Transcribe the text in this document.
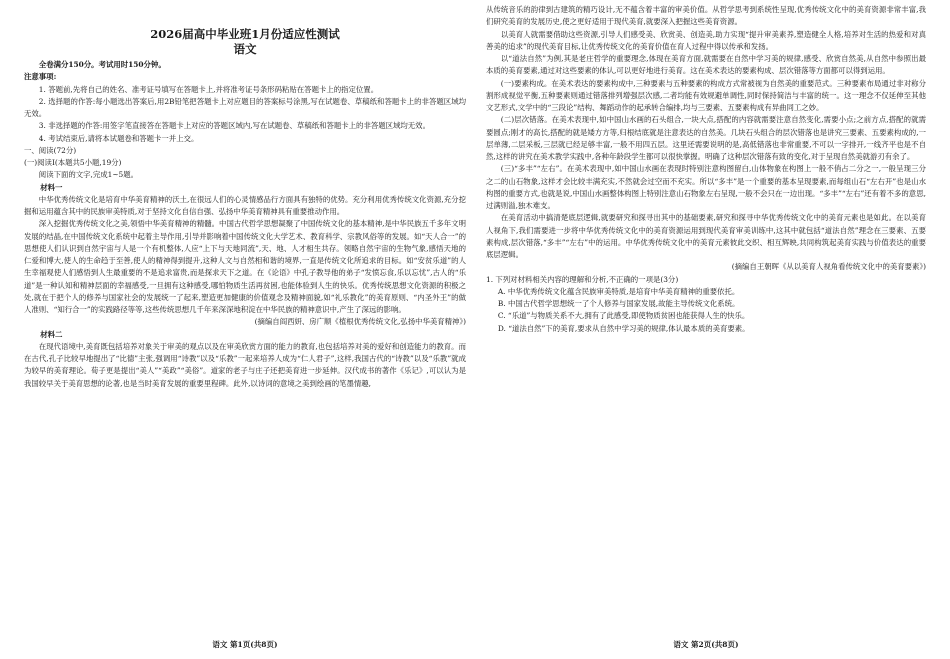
2026届高中毕业班1月份适应性测试
语文

全卷满分150分。考试用时150分钟。

注意事项:

1. 答题前,先将自己的姓名、准考证号填写在答题卡上,并将准考证号条形码粘贴在答题卡上的指定位置。

2. 选择题的作答:每小题选出答案后,用2B铅笔把答题卡上对应题目的答案标号涂黑,写在试题卷、草稿纸和答题卡上的非答题区域均无效。

3. 非选择题的作答:用签字笔直接答在答题卡上对应的答题区域内,写在试题卷、草稿纸和答题卡上的非答题区域均无效。

4. 考试结束后,请将本试题卷和答题卡一并上交。

一、阅读(72分)

(一)阅读Ⅰ(本题共5小题,19分)

阅读下面的文字,完成1~5题。

材料一

中华优秀传统文化是培育中华美育精神的沃土,在很远人们的心灵情感品行方面具有独特的优势。充分利用优秀传统文化资源,充分挖掘和运用蕴含其中的民族审美特质,对于坚持文化自信自强、弘扬中华美育精神具有重要推动作用。

深入挖掘优秀传统文化之美,领悟中华美育精神的精髓。中国古代哲学思想凝聚了中国传统文化的基本精神,是中华民族五千多年文明发展的结晶,在中国传统文化系统中起着主导作用,引导并影响着中国传统文化大学艺术、教育科学、宗教风俗等的发展。如“天人合一”的思想使人们认识到自然宇宙与人是一个有机整体,人应“上下与天地同流”,天、地、人才相生共存。领略自然宇宙的生物气象,感悟天地的仁爱和博大,使人的生命趋于至善,使人的精神得到提升,这种人文与自然相和谐的境界,一直是传统文化所追求的目标。如“安贫乐道”的人生幸福观使人们感悟到人生最重要的不是追求富贵,而是探求天下之道。在《论语》中孔子教导他的弟子“发愤忘食,乐以忘忧”,古人的“乐道”是一种认知和精神层面的幸福感受,一旦拥有这种感受,哪怕物质生活再贫困,也能体验到人生的快乐。优秀传统思想文化资源的积极之处,就在于把个人的修养与国家社会的发展统一了起来,塑造更加健康的价值观念及精神面貌,如“礼乐教化”的美育原则、“内圣外王”的做人准则、“知行合一”的实践路径等等,这些传统思想几千年来深深地积淀在中华民族的精神意识中,产生了深远的影响。

(摘编自阎西妍、房广顺《植根优秀传统文化,弘扬中华美育精神》)

材料二

在现代语境中,美育既包括培养对象关于审美的观点以及在审美欣赏方面的能力的教育,也包括培养对美的爱好和创造能力的教育。而在古代,孔子比较早地提出了“比德”主张,强调用“诗教”以及“乐教”一起来培养人成为“仁人君子”,这样,我国古代的“诗教”以及“乐教”就成为较早的美育理论。荀子更是提出“美人”“美政”“美俗”。道家的老子与庄子还把美育进一步延伸。汉代成书的著作《乐记》,可以认为是我国较早关于美育思想的论著,也是当时美育发展的重要里程碑。此外,以诗词的意境之美到绘画的笔墨情趣,

语文 第1页(共8页)

从传统音乐的韵律到古建筑的精巧设计,无不蕴含着丰富的审美价值。从哲学思考到系统性呈现,优秀传统文化中的美育资源非常丰富,我们研究美育的发展历史,使之更好适用于现代美育,就要深入把握这些美育资源。

以美育人就需要借助这些资源,引导人们感受美、欣赏美、创造美,助力实现“提升审美素养,塑造健全人格,培养对生活的热爱和对真善美的追求”的现代美育目标,让优秀传统文化的美育价值在育人过程中得以传承和发扬。

以“道法自然”为例,其是老庄哲学的重要理念,体现在美育方面,就需要在自然中学习美的规律,感受、欣赏自然美,从自然中参照出最本质的美育要素,通过对这些要素的体认,可以更好地进行美育。这在美术表达的要素构成、层次错落等方面都可以得到运用。

(一)要素构成。在美术表达的要素构成中,三种要素与五种要素的构成方式常被视为自然美的重要范式。三种要素布局通过非对称分割形成视觉平衡,五种要素则通过错落排列增强层次感,二者均能有效规避单调性,同时保持简洁与丰富的统一。这一理念不仅延伸至其他文艺形式,文学中的“三段论”结构、舞蹈动作的起承转合编排,均与三要素、五要素构成有异曲同工之妙。

(二)层次错落。在美术表现中,如中国山水画的石头组合,一块大点,搭配的内容就需要注意自然变化,需要小点;之前方点,搭配的就需要圆点;刚才的高长,搭配的就是矮方方等,归根结底就是注意表达的自然美。几块石头组合的层次错落也是讲究三要素、五要素构成的,一层单薄,二层采板,三层就已经足够丰富,一般不用四五层。这里还需要说明的是,高低错落也非常重要,不可以一字排开,一线齐平也是不自然,这样的讲究在美术教学实践中,各种年龄段学生都可以很快掌握。明确了这种层次错落有致的变化,对于呈现自然美就游刃有余了。

(三)“多丰”“左右”。在美术表现中,如中国山水画在表现时特别注意构图留白,山体物象在构图上一般不俏占二分之一,一般呈现三分之二的山石物象,这样才会比较丰满充实,不然就会过空而不充实。所以“多丰”是一个重要的基本呈现要素,而每组山石“左右开”也是山水构图的重要方式,也就是说,中国山水画整体构图上特别注意山石物象左右呈现,一般不会只在一边出现。“多丰”“左右”还有着不多的意思,过满则溢,独木难支。

在美育活动中搞清楚底层逻辑,就要研究和探寻出其中的基础要素,研究和探寻中华优秀传统文化中的美育元素也是如此。在以美育人视角下,我们需要进一步将中华优秀传统文化中的美育资源运用到现代美育审美训练中,这其中就包括“道法自然”理念在三要素、五要素构成,层次错落,“多丰”“左右”中的运用。中华优秀传统文化中的美育元素彼此交织、相互辉映,共同构筑起美育实践与价值表达的重要底层逻辑。

(摘编自王朝晖《从以美育人视角看传统文化中的美育要素》)

1. 下列对材料相关内容的理解和分析,不正确的一项是(3分)

A. 中华优秀传统文化蕴含民族审美特质,是培育中华美育精神的重要依托。

B. 中国古代哲学思想统一了个人修养与国家发展,故能主导传统文化系统。

C. “乐道”与物质关系不大,拥有了此感受,即使物质贫困也能获得人生的快乐。

D. “道法自然”下的美育,要求从自然中学习美的规律,体认最本质的美育要素。

语文 第2页(共8页)
